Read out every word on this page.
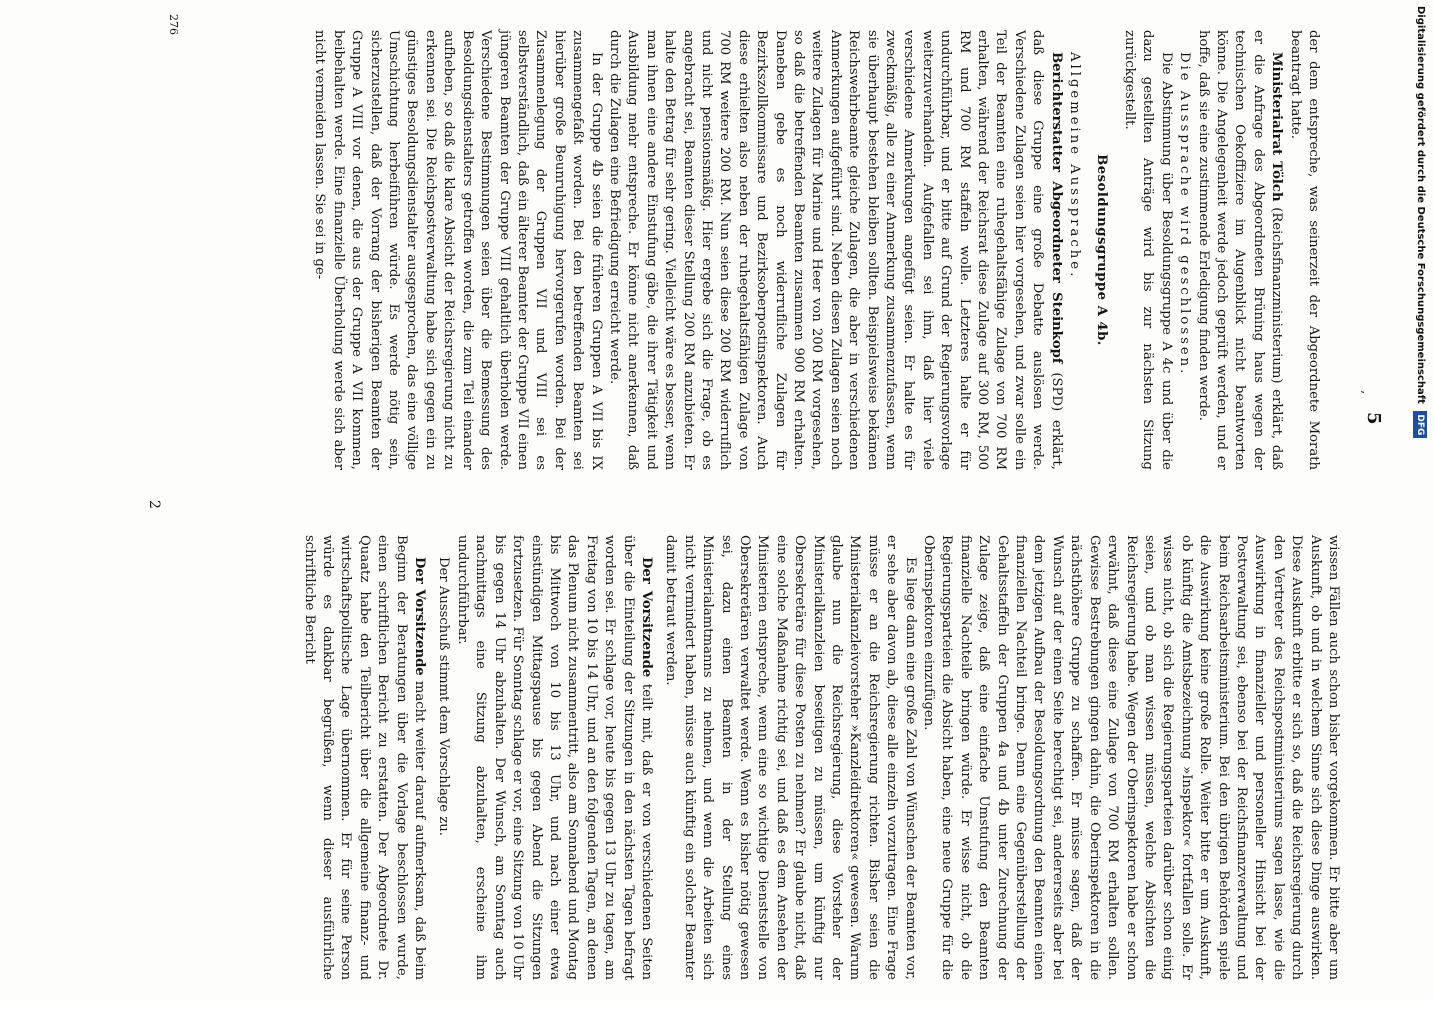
5
’
276
2
der dem entspreche, was seinerzeit der Abgeordnete Morath beantragt hatte.
Ministerialrat Tölch (Reichsfinanzministerium) erklärt, daß er die Anfrage des Abgeordneten Brüning haus wegen der technischen Oekoffiziere im Augenblick nicht beantworten könne. Die Angelegenheit werde jedoch geprüft werden, und er hoffe, daß sie eine zustimmende Erledigung finden werde.
Die Aussprache wird geschlossen.
Die Abstimmung über Besoldungsgruppe A 4c und über die dazu gestellten Anträge wird bis zur nächsten Sitzung zurückgestellt.
Besoldungsgruppe A 4b.
Allgemeine Aussprache.
Berichterstatter Abgeordneter Steinkopf (SPD) erklärt, daß diese Gruppe eine große Debatte auslösen werde. Verschiedene Zulagen seien hier vorgesehen, und zwar solle ein Teil der Beamten eine ruhegehaltsfähige Zulage von 700 RM erhalten, während der Reichsrat diese Zulage auf 300 RM, 500 RM und 700 RM staffeln wolle. Letzteres halte er für undurchführbar, und er bitte auf Grund der Regierungsvorlage weiterzuverhandeln. Aufgefallen sei ihm, daß hier viele verschiedene Anmerkungen angefügt seien. Er halte es für zweckmäßig, alle zu einer Anmerkung zusammenzufassen, wenn sie überhaupt bestehen bleiben sollten. Beispielsweise bekämen Reichswehrbeamte gleiche Zulagen, die aber in verschiedenen Anmerkungen aufgeführt sind. Neben diesen Zulagen seien noch weitere Zulagen für Marine und Heer von 200 RM vorgesehen, so daß die betreffenden Beamten zusammen 900 RM erhalten. Daneben gebe es noch widerrufliche Zulagen für Bezirkszollkommissare und Bezirksoberpostinspektoren. Auch diese erhielten also neben der ruhegehaltsfähigen Zulage von 700 RM weitere 200 RM. Nun seien diese 200 RM widerruflich und nicht pensionsmäßig. Hier ergebe sich die Frage, ob es angebracht sei, Beamten dieser Stellung 200 RM anzubieten. Er halte den Betrag für sehr gering. Vielleicht wäre es besser, wenn man ihnen eine andere Einstufung gäbe, die ihrer Tätigkeit und Ausbildung mehr entspreche. Er könne nicht anerkennen, daß durch die Zulagen eine Befriedigung erreicht werde.
In der Gruppe 4b seien die früheren Gruppen A VII bis IX zusammengefaßt worden. Bei den betreffenden Beamten sei hierüber große Beunruhigung hervorgerufen worden. Bei der Zusammenlegung der Gruppen VII und VIII sei es selbstverständlich, daß ein älterer Beamter der Gruppe VII einen jüngeren Beamten der Gruppe VIII gehaltlich überholen werde. Verschiedene Bestimmungen seien über die Bemessung des Besoldungsdienstalters getroffen worden, die zum Teil einander aufheben, so daß die klare Absicht der Reichsregierung nicht zu erkennen sei. Die Reichspostverwaltung habe sich gegen ein zu günstiges Besoldungsdienstalter ausgesprochen, das eine völlige Umschichtung herbeiführen würde. Es werde nötig sein, sicherzustellen, daß der Vorrang der bisherigen Beamten der Gruppe A VIII vor denen, die aus der Gruppe A VII kommen, beibehalten werde. Eine finanzielle Überholung werde sich aber nicht vermeiden lassen. Sie sei in ge-
wissen Fällen auch schon bisher vorgekommen. Er bitte aber um Auskunft, ob und in welchem Sinne sich diese Dinge auswirken. Diese Auskunft erbitte er sich so, daß die Reichsregierung durch den Vertreter des Reichspostministeriums sagen lasse, wie die Auswirkung in finanzieller und personeller Hinsicht bei der Postverwaltung sei, ebenso bei der Reichsfinanzverwaltung und beim Reichsarbeitsministerium. Bei den übrigen Behörden spiele die Auswirkung keine große Rolle. Weiter bitte er um Auskunft, ob künftig die Amtsbezeichnung »Inspektor« fortfallen solle. Er wisse nicht, ob sich die Regierungsparteien darüber schon einig seien, und ob man wissen müssen, welche Absichten die Reichsregierung habe. Wegen der Oberinspektoren habe er schon erwähnt, daß diese eine Zulage von 700 RM erhalten sollen. Gewisse Bestrebungen gingen dahin, die Oberinspektoren in die nächsthöhere Gruppe zu schaffen. Er müsse sagen, daß der Wunsch auf der einen Seite berechtigt sei, andererseits aber bei dem jetzigen Aufbau der Besoldungsordnung den Beamten einen finanziellen Nachteil bringe. Denn eine Gegenüberstellung der Gehaltsstaffeln der Gruppen 4a und 4b unter Zurechnung der Zulage zeige, daß eine einfache Umstufung den Beamten finanzielle Nachteile bringen würde. Er wisse nicht, ob die Regierungsparteien die Absicht haben, eine neue Gruppe für die Oberinspektoren einzufügen.
Es liege dann eine große Zahl von Wünschen der Beamten vor, er sehe aber davon ab, diese alle einzeln vorzutragen. Eine Frage müsse er an die Reichsregierung richten. Bisher seien die Ministerialkanzleivorsteher »Kanzleidirektoren« gewesen. Warum glaube nun die Reichsregierung, diese Vorsteher der Ministerialkanzleien beseitigen zu müssen, um künftig nur Obersekretäre für diese Posten zu nehmen? Er glaube nicht, daß eine solche Maßnahme richtig sei, und daß es dem Ansehen der Ministerien entspreche, wenn eine so wichtige Dienststelle von Obersekretären verwaltet werde. Wenn es bisher nötig gewesen sei, dazu einen Beamten in der Stellung eines Ministerialamtmanns zu nehmen, und wenn die Arbeiten sich nicht vermindert haben, müsse auch künftig ein solcher Beamter damit betraut werden.
Der Vorsitzende teilt mit, daß er von verschiedenen Seiten über die Einteilung der Sitzungen in den nächsten Tagen befragt worden sei. Er schlage vor, heute bis gegen 13 Uhr zu tagen, am Freitag von 10 bis 14 Uhr, und an den folgenden Tagen, an denen das Plenum nicht zusammentritt, also am Sonnabend und Montag bis Mittwoch von 10 bis 13 Uhr, und nach einer etwa einstündigen Mittagspause bis gegen Abend die Sitzungen fortzusetzen. Für Sonntag schlage er vor, eine Sitzung von 10 Uhr bis gegen 14 Uhr abzuhalten. Der Wunsch, am Sonntag auch nachmittags eine Sitzung abzuhalten, erscheine ihm undurchführbar.
Der Ausschuß stimmt dem Vorschlage zu.
Der Vorsitzende macht weiter darauf aufmerksam, daß beim Beginn der Beratungen über die Vorlage beschlossen wurde, einen schriftlichen Bericht zu erstatten. Der Abgeordnete Dr. Quaatz habe den Teilbericht über die allgemeine finanz- und wirtschaftspolitische Lage übernommen. Er für seine Person würde es dankbar begrüßen, wenn dieser ausführliche schriftliche Bericht
Digitalisierung gefördert durch die Deutsche Forschungsgemeinschaft DFG
